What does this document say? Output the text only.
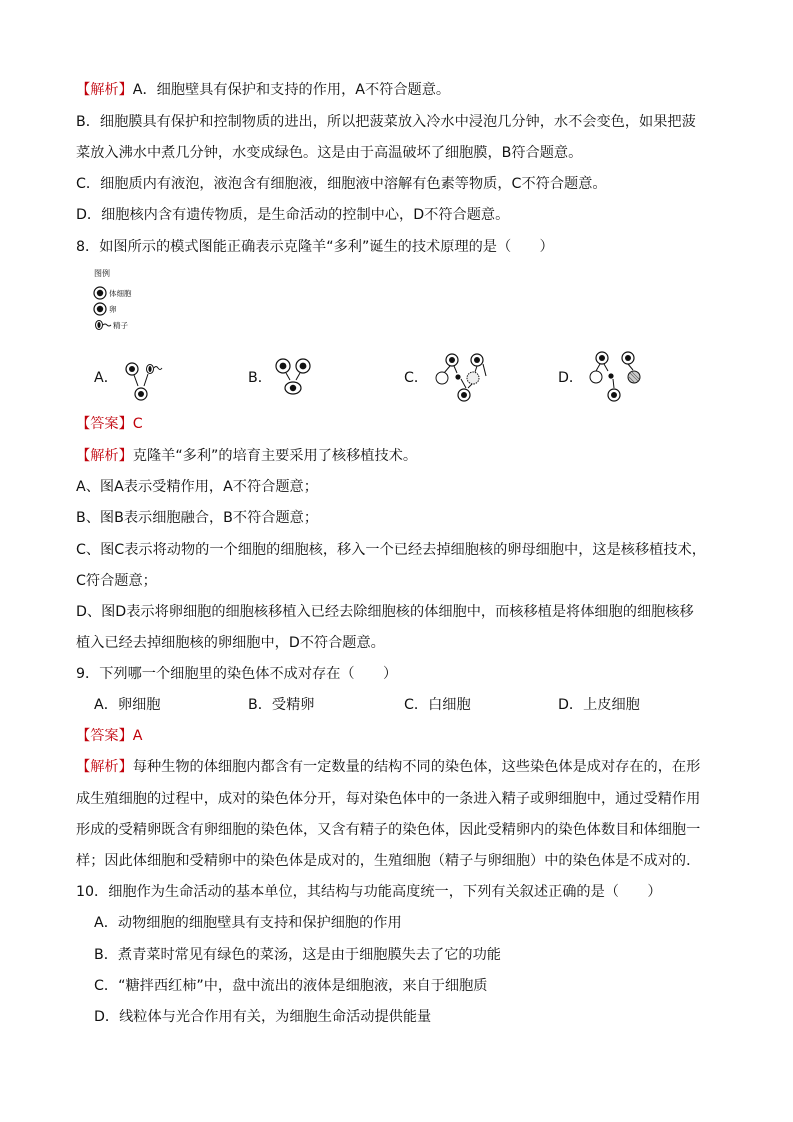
【解析】A．细胞壁具有保护和支持的作用，A不符合题意。
B．细胞膜具有保护和控制物质的进出，所以把菠菜放入冷水中浸泡几分钟，水不会变色，如果把菠
菜放入沸水中煮几分钟，水变成绿色。这是由于高温破坏了细胞膜，B符合题意。
C．细胞质内有液泡，液泡含有细胞液，细胞液中溶解有色素等物质，C不符合题意。
D．细胞核内含有遗传物质，是生命活动的控制中心，D不符合题意。
8．如图所示的模式图能正确表示克隆羊“多利”诞生的技术原理的是（　　）
图例
体细胞
卵
精子
A．	B．	C．	D．
【答案】C
【解析】克隆羊“多利”的培育主要采用了核移植技术。
A、图A表示受精作用，A不符合题意；
B、图B表示细胞融合，B不符合题意；
C、图C表示将动物的一个细胞的细胞核，移入一个已经去掉细胞核的卵母细胞中，这是核移植技术，
C符合题意；
D、图D表示将卵细胞的细胞核移植入已经去除细胞核的体细胞中，而核移植是将体细胞的细胞核移
植入已经去掉细胞核的卵细胞中，D不符合题意。
9．下列哪一个细胞里的染色体不成对存在（　　）
A．卵细胞	B．受精卵	C．白细胞	D．上皮细胞
【答案】A
【解析】每种生物的体细胞内都含有一定数量的结构不同的染色体，这些染色体是成对存在的，在形
成生殖细胞的过程中，成对的染色体分开，每对染色体中的一条进入精子或卵细胞中，通过受精作用
形成的受精卵既含有卵细胞的染色体，又含有精子的染色体，因此受精卵内的染色体数目和体细胞一
样；因此体细胞和受精卵中的染色体是成对的，生殖细胞（精子与卵细胞）中的染色体是不成对的．
10．细胞作为生命活动的基本单位，其结构与功能高度统一，下列有关叙述正确的是（　　）
A．动物细胞的细胞壁具有支持和保护细胞的作用
B．煮青菜时常见有绿色的菜汤，这是由于细胞膜失去了它的功能
C．“糖拌西红柿”中，盘中流出的液体是细胞液，来自于细胞质
D．线粒体与光合作用有关，为细胞生命活动提供能量
